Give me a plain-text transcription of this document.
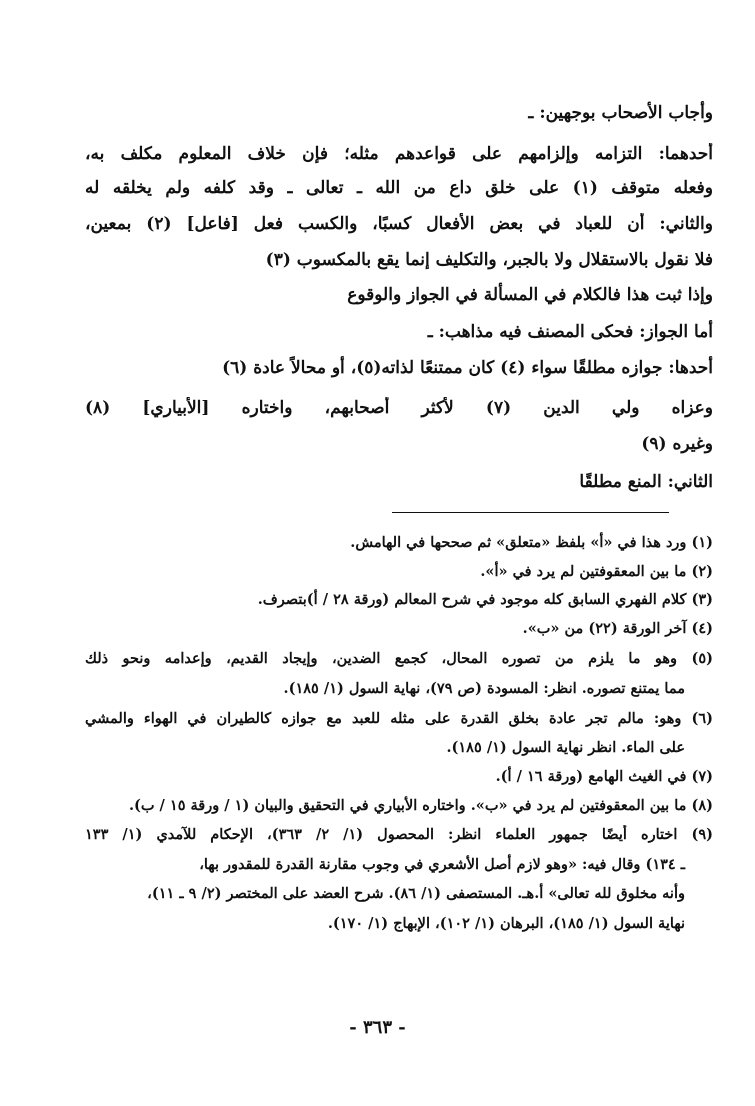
وأجاب الأصحاب بوجهين: ـ
أحدهما: التزامه وإلزامهم على قواعدهم مثله؛ فإن خلاف المعلوم مكلف به،
وفعله متوقف (١) على خلق داع من الله ـ تعالى ـ وقد كلفه ولم يخلقه له
والثاني: أن للعباد في بعض الأفعال كسبًا، والكسب فعل [فاعل] (٢) بمعين،
فلا نقول بالاستقلال ولا بالجبر، والتكليف إنما يقع بالمكسوب (٣)
وإذا ثبت هذا فالكلام في المسألة في الجواز والوقوع
أما الجواز: فحكى المصنف فيه مذاهب: ـ
أحدها: جوازه مطلقًا سواء (٤) كان ممتنعًا لذاته(٥)، أو محالاً عادة (٦)
وعزاه ولي الدين (٧) لأكثر أصحابهم، واختاره [الأبياري] (٨)
وغيره (٩)
الثاني: المنع مطلقًا
(١) ورد هذا في «أ» بلفظ «متعلق» ثم صححها في الهامش.
(٢) ما بين المعقوفتين لم يرد في «أ».
(٣) كلام الفهري السابق كله موجود في شرح المعالم (ورقة ٢٨ / أ)بتصرف.
(٤) آخر الورقة (٢٢) من «ب».
(٥) وهو ما يلزم من تصوره المحال، كجمع الضدين، وإيجاد القديم، وإعدامه ونحو ذلك
مما يمتنع تصوره. انظر: المسودة (ص ٧٩)، نهاية السول (١/ ١٨٥).
(٦) وهو: مالم تجر عادة بخلق القدرة على مثله للعبد مع جوازه كالطيران في الهواء والمشي
على الماء. انظر نهاية السول (١/ ١٨٥).
(٧) في الغيث الهامع (ورقة ١٦ / أ).
(٨) ما بين المعقوفتين لم يرد في «ب». واختاره الأبياري في التحقيق والبيان (١ / ورقة ١٥ / ب).
(٩) اختاره أيضًا جمهور العلماء انظر: المحصول (١/ ٢/ ٣٦٣)، الإحكام للآمدي (١/ ١٣٣
ـ ١٣٤) وقال فيه: «وهو لازم أصل الأشعري في وجوب مقارنة القدرة للمقدور بها،
وأنه مخلوق لله تعالى» أ.هـ. المستصفى (١/ ٨٦). شرح العضد على المختصر (٢/ ٩ ـ ١١)،
نهاية السول (١/ ١٨٥)، البرهان (١/ ١٠٢)، الإبهاج (١/ ١٧٠).
- ٣٦٣ -
